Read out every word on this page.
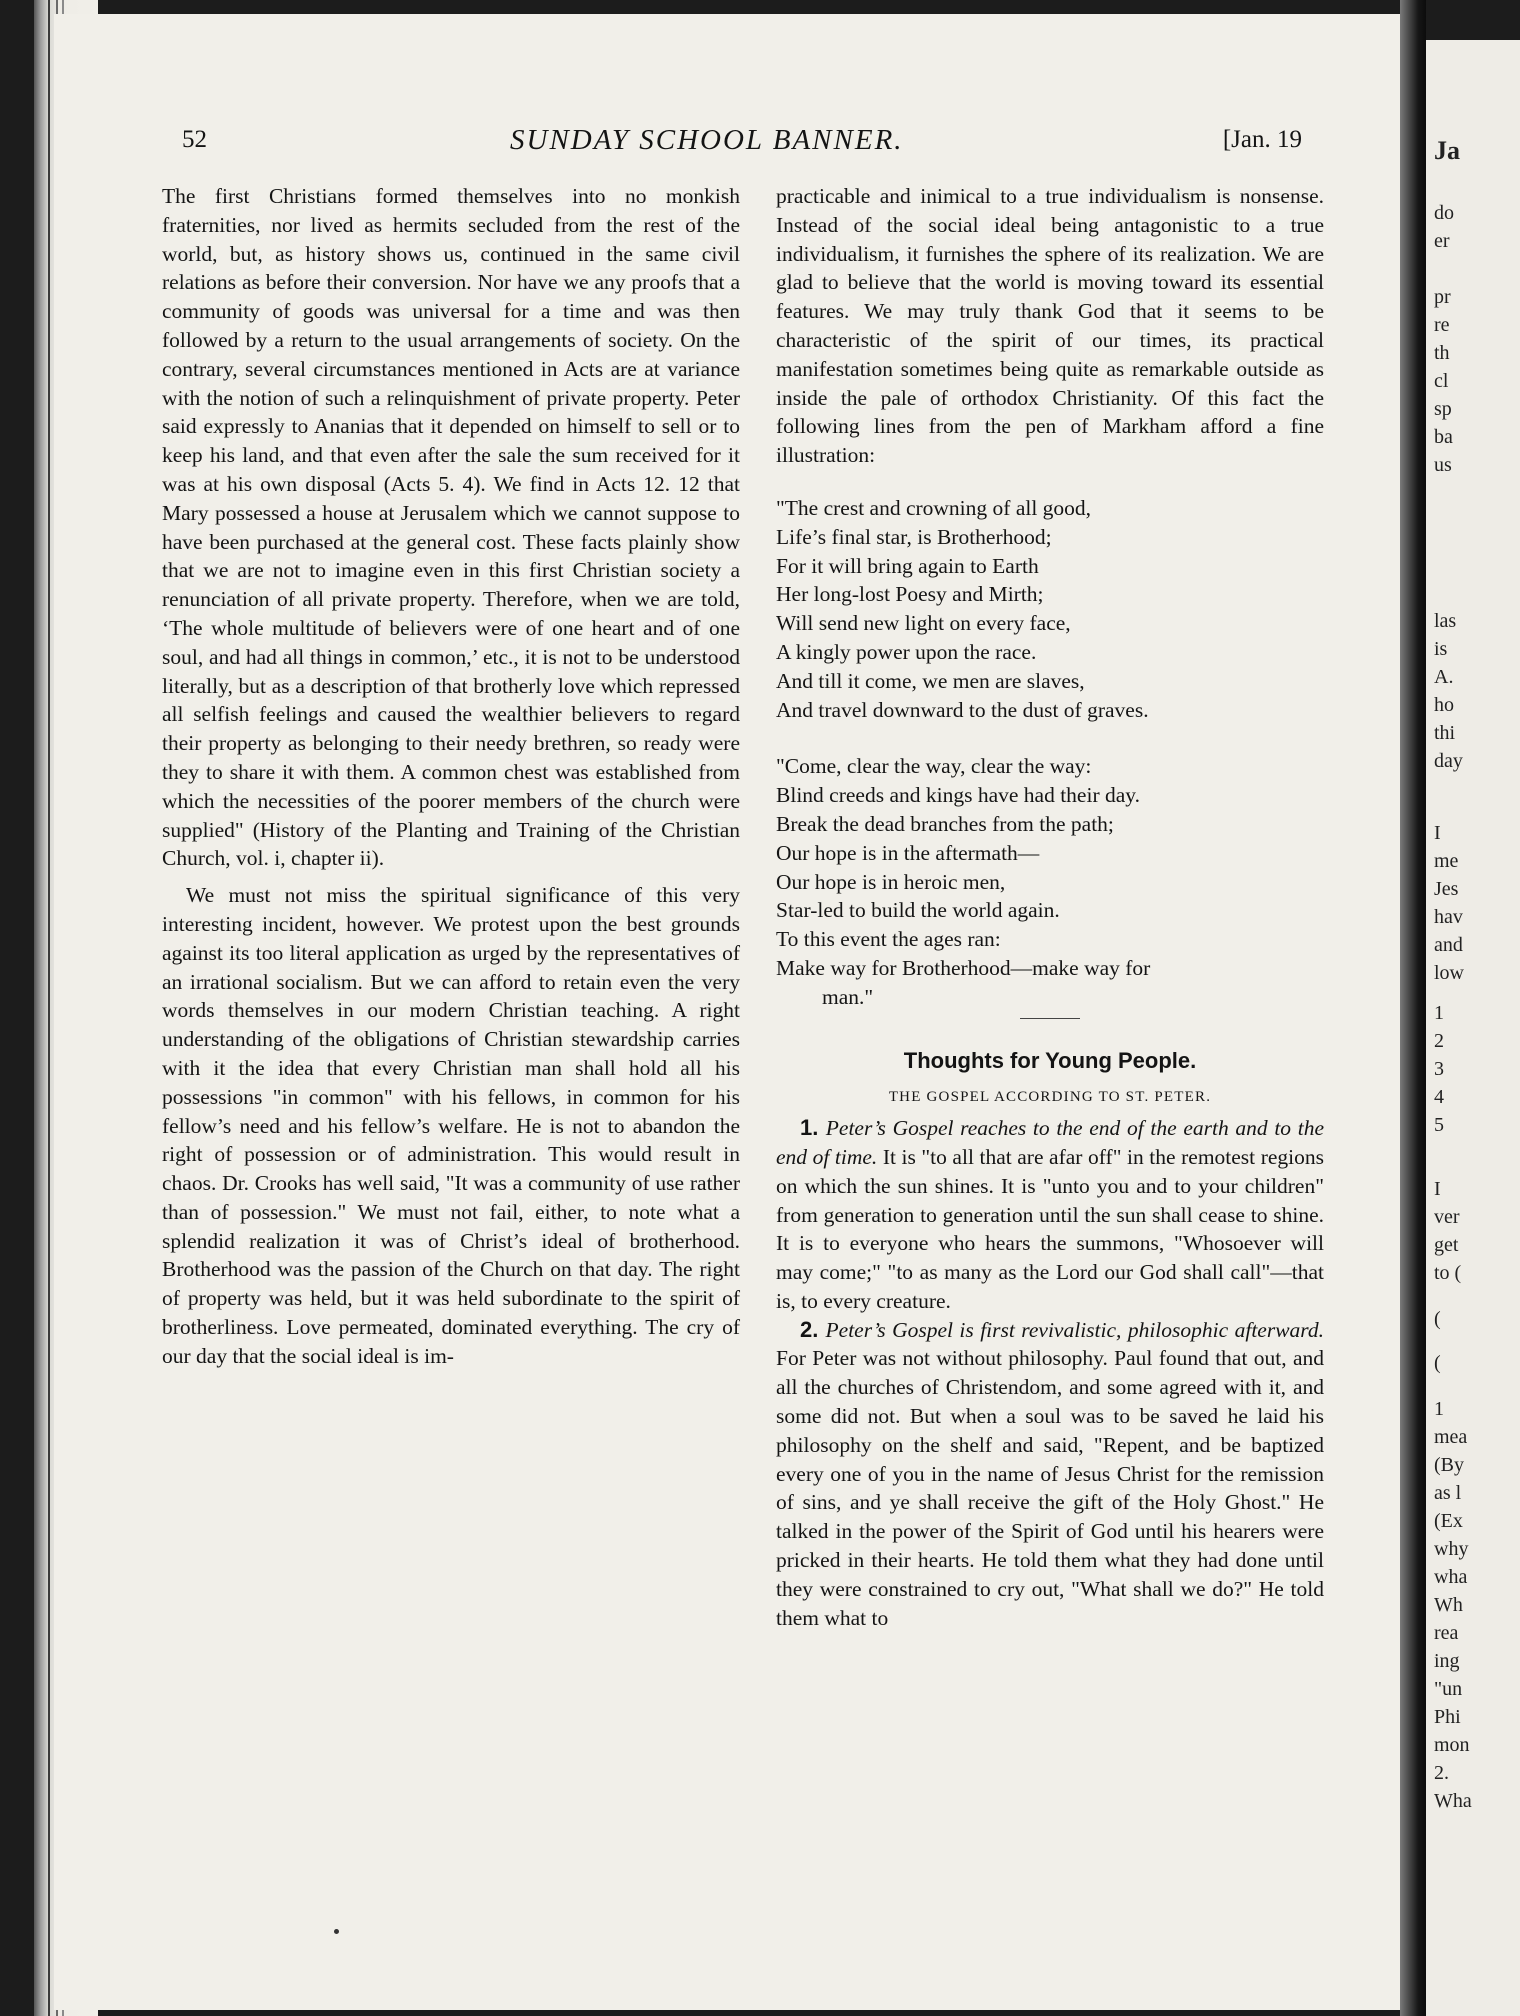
52	SUNDAY SCHOOL BANNER.	[Jan. 19

The first Christians formed themselves into no monkish fraternities, nor lived as hermits secluded from the rest of the world, but, as history shows us, continued in the same civil relations as before their conversion. Nor have we any proofs that a community of goods was universal for a time and was then followed by a return to the usual arrangements of society. On the contrary, several circumstances mentioned in Acts are at variance with the notion of such a relinquishment of private property. Peter said expressly to Ananias that it depended on himself to sell or to keep his land, and that even after the sale the sum received for it was at his own disposal (Acts 5. 4). We find in Acts 12. 12 that Mary possessed a house at Jerusalem which we cannot suppose to have been purchased at the general cost. These facts plainly show that we are not to imagine even in this first Christian society a renunciation of all private property. Therefore, when we are told, ‘The whole multitude of believers were of one heart and of one soul, and had all things in common,’ etc., it is not to be understood literally, but as a description of that brotherly love which repressed all selfish feelings and caused the wealthier believers to regard their property as belonging to their needy brethren, so ready were they to share it with them. A common chest was established from which the necessities of the poorer members of the church were supplied" (History of the Planting and Training of the Christian Church, vol. i, chapter ii).

We must not miss the spiritual significance of this very interesting incident, however. We protest upon the best grounds against its too literal application as urged by the representatives of an irrational socialism. But we can afford to retain even the very words themselves in our modern Christian teaching. A right understanding of the obligations of Christian stewardship carries with it the idea that every Christian man shall hold all his possessions "in common" with his fellows, in common for his fellow’s need and his fellow’s welfare. He is not to abandon the right of possession or of administration. This would result in chaos. Dr. Crooks has well said, "It was a community of use rather than of possession." We must not fail, either, to note what a splendid realization it was of Christ’s ideal of brotherhood. Brotherhood was the passion of the Church on that day. The right of property was held, but it was held subordinate to the spirit of brotherliness. Love permeated, dominated everything. The cry of our day that the social ideal is im-

practicable and inimical to a true individualism is nonsense. Instead of the social ideal being antagonistic to a true individualism, it furnishes the sphere of its realization. We are glad to believe that the world is moving toward its essential features. We may truly thank God that it seems to be characteristic of the spirit of our times, its practical manifestation sometimes being quite as remarkable outside as inside the pale of orthodox Christianity. Of this fact the following lines from the pen of Markham afford a fine illustration:

"The crest and crowning of all good,
Life’s final star, is Brotherhood;
For it will bring again to Earth
Her long-lost Poesy and Mirth;
Will send new light on every face,
A kingly power upon the race.
And till it come, we men are slaves,
And travel downward to the dust of graves.
"Come, clear the way, clear the way:
Blind creeds and kings have had their day.
Break the dead branches from the path;
Our hope is in the aftermath—
Our hope is in heroic men,
Star-led to build the world again.
To this event the ages ran:
Make way for Brotherhood—make way for
man."
Thoughts for Young People.
THE GOSPEL ACCORDING TO ST. PETER.

1. Peter’s Gospel reaches to the end of the earth and to the end of time. It is "to all that are afar off" in the remotest regions on which the sun shines. It is "unto you and to your children" from generation to generation until the sun shall cease to shine. It is to everyone who hears the summons, "Whosoever will may come;" "to as many as the Lord our God shall call"—that is, to every creature.

2. Peter’s Gospel is first revivalistic, philosophic afterward. For Peter was not without philosophy. Paul found that out, and all the churches of Christendom, and some agreed with it, and some did not. But when a soul was to be saved he laid his philosophy on the shelf and said, "Repent, and be baptized every one of you in the name of Jesus Christ for the remission of sins, and ye shall receive the gift of the Holy Ghost." He talked in the power of the Spirit of God until his hearers were pricked in their hearts. He told them what they had done until they were constrained to cry out, "What shall we do?" He told them what to

Ja
do
er
pr
re
th
cl
sp
ba
us
las
is
A.
ho
thi
day
I
me
Jes
hav
and
low
1
2
3
4
5
I
ver
get
to (
(
(
1
mea
(By
as l
(Ex
why
wha
Wh
rea
ing
"un
Phi
mon
2.
Wha
